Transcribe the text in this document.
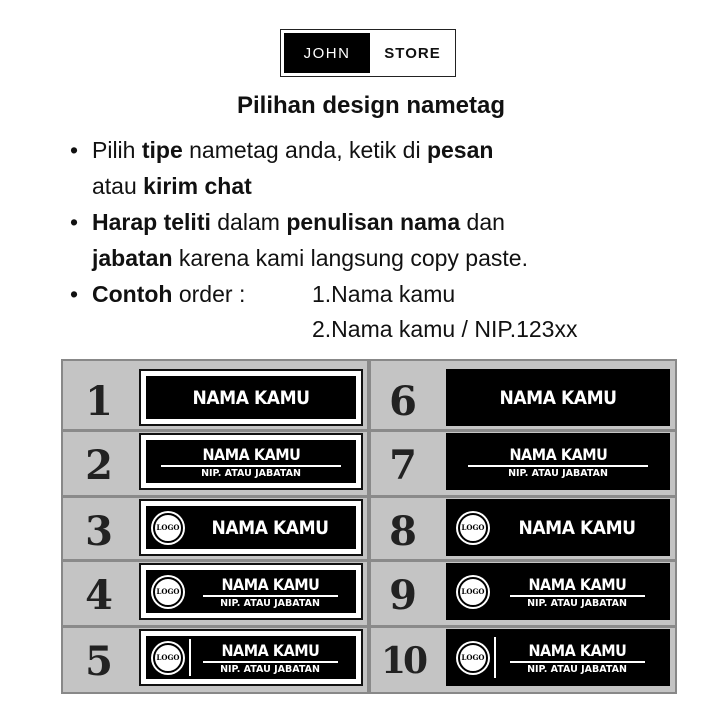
JOHN	STORE
Pilihan design nametag
• Pilih tipe nametag anda, ketik di pesan
atau kirim chat
• Harap teliti dalam penulisan nama dan
jabatan karena kami langsung copy paste.
• Contoh order :	1.Nama kamu
2.Nama kamu / NIP.123xx
1	NAMA KAMU
2	NAMA KAMU
NIP. ATAU JABATAN
3	LOGO NAMA KAMU
4	LOGO	NAMA KAMU
NIP. ATAU JABATAN
5	LOGO	NAMA KAMU
NIP. ATAU JABATAN
6	NAMA KAMU
7	NAMA KAMU
NIP. ATAU JABATAN
8	LOGO NAMA KAMU
9	LOGO	NAMA KAMU
NIP. ATAU JABATAN
10	LOGO	NAMA KAMU
NIP. ATAU JABATAN
